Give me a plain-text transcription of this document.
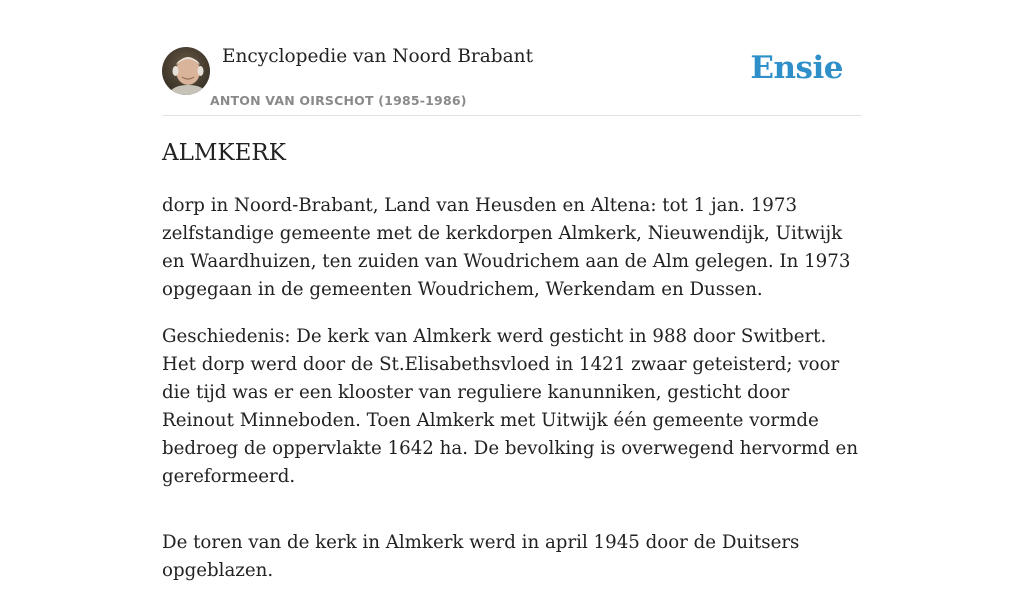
Encyclopedie van Noord Brabant
ANTON VAN OIRSCHOT (1985-1986)
Ensie
ALMKERK

dorp in Noord-Brabant, Land van Heusden en Altena: tot 1 jan. 1973 zelfstandige gemeente met de kerkdorpen Almkerk, Nieuwendijk, Uitwijk en Waardhuizen, ten zuiden van Woudrichem aan de Alm gelegen. In 1973 opgegaan in de gemeenten Woudrichem, Werkendam en Dussen.

Geschiedenis: De kerk van Almkerk werd gesticht in 988 door Switbert. Het dorp werd door de St.Elisabethsvloed in 1421 zwaar geteisterd; voor die tijd was er een klooster van reguliere kanunniken, gesticht door Reinout Minneboden. Toen Almkerk met Uitwijk één gemeente vormde bedroeg de oppervlakte 1642 ha. De bevolking is overwegend hervormd en gereformeerd.

De toren van de kerk in Almkerk werd in april 1945 door de Duitsers opgeblazen.
